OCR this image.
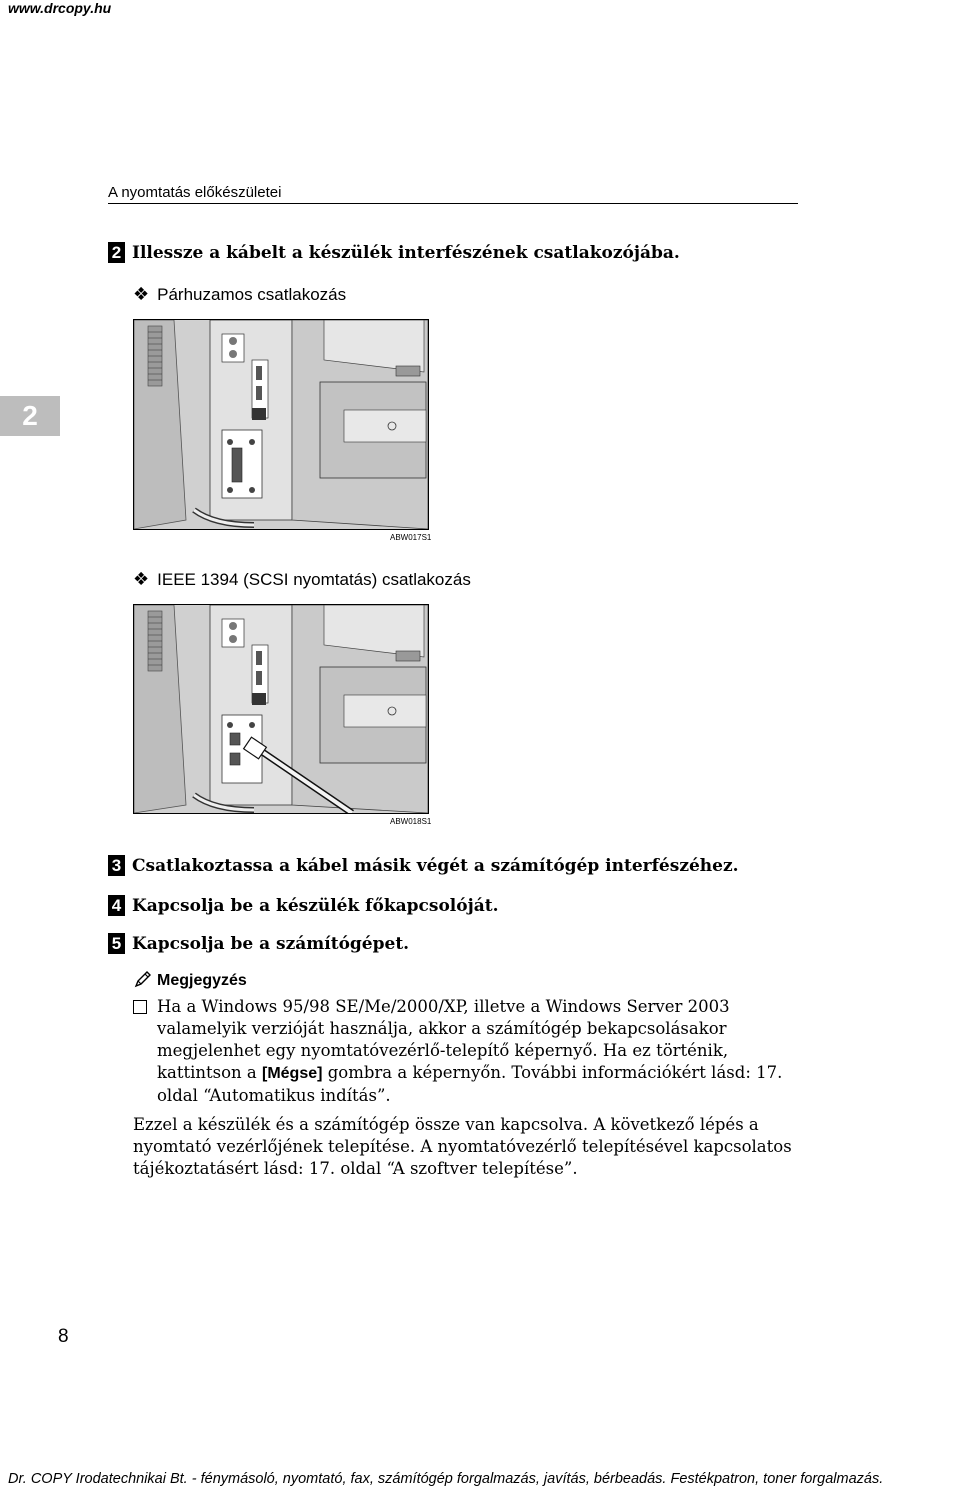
www.drcopy.hu
A nyomtatás előkészületei
2
2 Illessze a kábelt a készülék interfészének csatlakozójába.
❖ Párhuzamos csatlakozás
ABW017S1
❖ IEEE 1394 (SCSI nyomtatás) csatlakozás
ABW018S1
3 Csatlakoztassa a kábel másik végét a számítógép interfészéhez.
4 Kapcsolja be a készülék főkapcsolóját.
5 Kapcsolja be a számítógépet.
Megjegyzés
Ha a Windows 95/98 SE/Me/2000/XP, illetve a Windows Server 2003 valamelyik verzióját használja, akkor a számítógép bekapcsolásakor megjelenhet egy nyomtatóvezérlő-telepítő képernyő. Ha ez történik, kattintson a [Mégse] gombra a képernyőn. További információkért lásd: 17. oldal “Automatikus indítás”.
Ezzel a készülék és a számítógép össze van kapcsolva. A következő lépés a nyomtató vezérlőjének telepítése. A nyomtatóvezérlő telepítésével kapcsolatos tájékoztatásért lásd: 17. oldal “A szoftver telepítése”.
8
Dr. COPY Irodatechnikai Bt. - fénymásoló, nyomtató, fax, számítógép forgalmazás, javítás, bérbeadás. Festékpatron, toner forgalmazás.
